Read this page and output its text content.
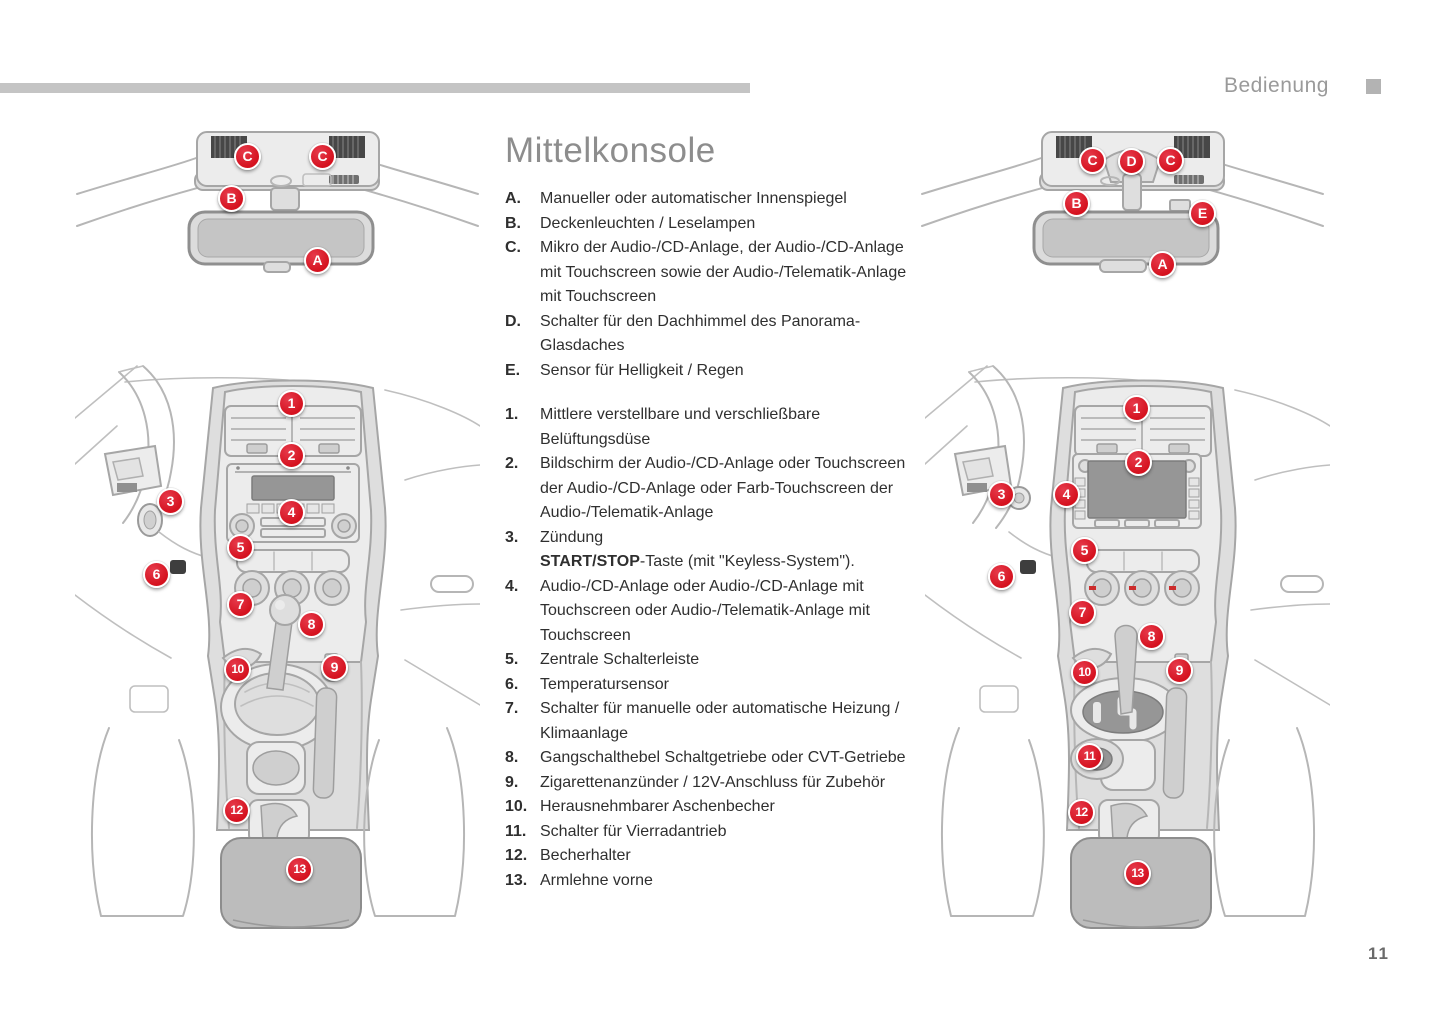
Bedienung
Mittelkonsole
A.	Manueller oder automatischer Innenspiegel
B.	Deckenleuchten / Leselampen
C.	Mikro der Audio-/CD-Anlage, der Audio-/CD-Anlage mit Touchscreen sowie der Audio-/Telematik-Anlage mit Touchscreen
D.	Schalter für den Dachhimmel des Panorama-Glasdaches
E.	Sensor für Helligkeit / Regen
1.	Mittlere verstellbare und verschließbare Belüftungsdüse
2.	Bildschirm der Audio-/CD-Anlage oder Touchscreen der Audio-/CD-Anlage oder Farb-Touchscreen der Audio-/Telematik-Anlage
3.	Zündung
START/STOP-Taste (mit "Keyless-System").
4.	Audio-/CD-Anlage oder Audio-/CD-Anlage mit Touchscreen oder Audio-/Telematik-Anlage mit Touchscreen
5.	Zentrale Schalterleiste
6.	Temperatursensor
7.	Schalter für manuelle oder automatische Heizung / Klimaanlage
8.	Gangschalthebel Schaltgetriebe oder CVT-Getriebe
9.	Zigarettenanzünder / 12V-Anschluss für Zubehör
10. Herausnehmbarer Aschenbecher
11. Schalter für Vierradantrieb
12. Becherhalter
13. Armlehne vorne
C	C
B
A
C	D	C
B
E
A
1
2
3
4
5
6
7
8
10	9
12
13
1
2
3	4
5
6
7
8
10	9
11
12
13
11
